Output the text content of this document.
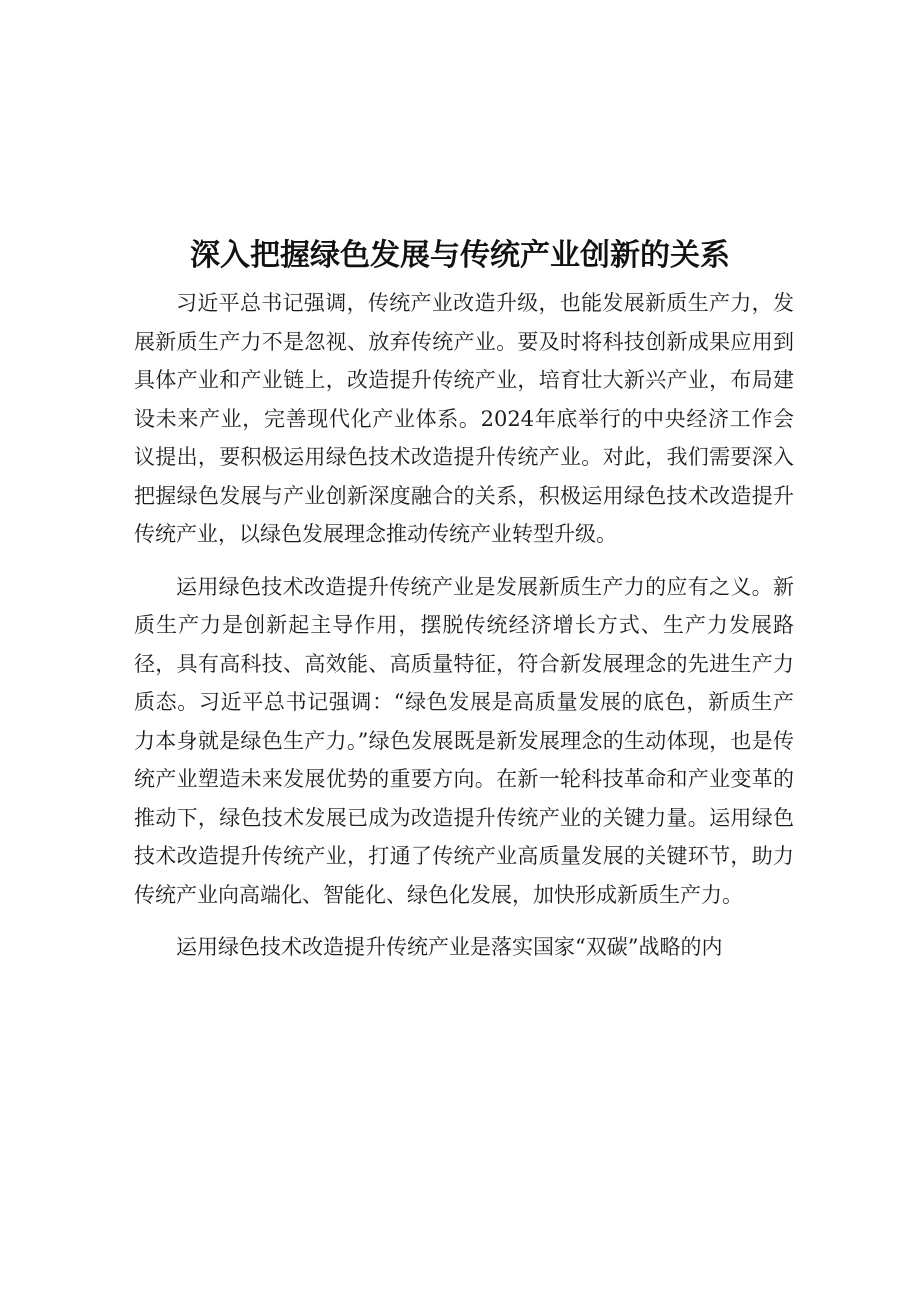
深入把握绿色发展与传统产业创新的关系

习近平总书记强调，传统产业改造升级，也能发展新质生产力，发展新质生产力不是忽视、放弃传统产业。要及时将科技创新成果应用到具体产业和产业链上，改造提升传统产业，培育壮大新兴产业，布局建设未来产业，完善现代化产业体系。2024年底举行的中央经济工作会议提出，要积极运用绿色技术改造提升传统产业。对此，我们需要深入把握绿色发展与产业创新深度融合的关系，积极运用绿色技术改造提升传统产业，以绿色发展理念推动传统产业转型升级。

运用绿色技术改造提升传统产业是发展新质生产力的应有之义。新质生产力是创新起主导作用，摆脱传统经济增长方式、生产力发展路径，具有高科技、高效能、高质量特征，符合新发展理念的先进生产力质态。习近平总书记强调：“绿色发展是高质量发展的底色，新质生产力本身就是绿色生产力。”绿色发展既是新发展理念的生动体现，也是传统产业塑造未来发展优势的重要方向。在新一轮科技革命和产业变革的推动下，绿色技术发展已成为改造提升传统产业的关键力量。运用绿色技术改造提升传统产业，打通了传统产业高质量发展的关键环节，助力传统产业向高端化、智能化、绿色化发展，加快形成新质生产力。

运用绿色技术改造提升传统产业是落实国家“双碳”战略的内
